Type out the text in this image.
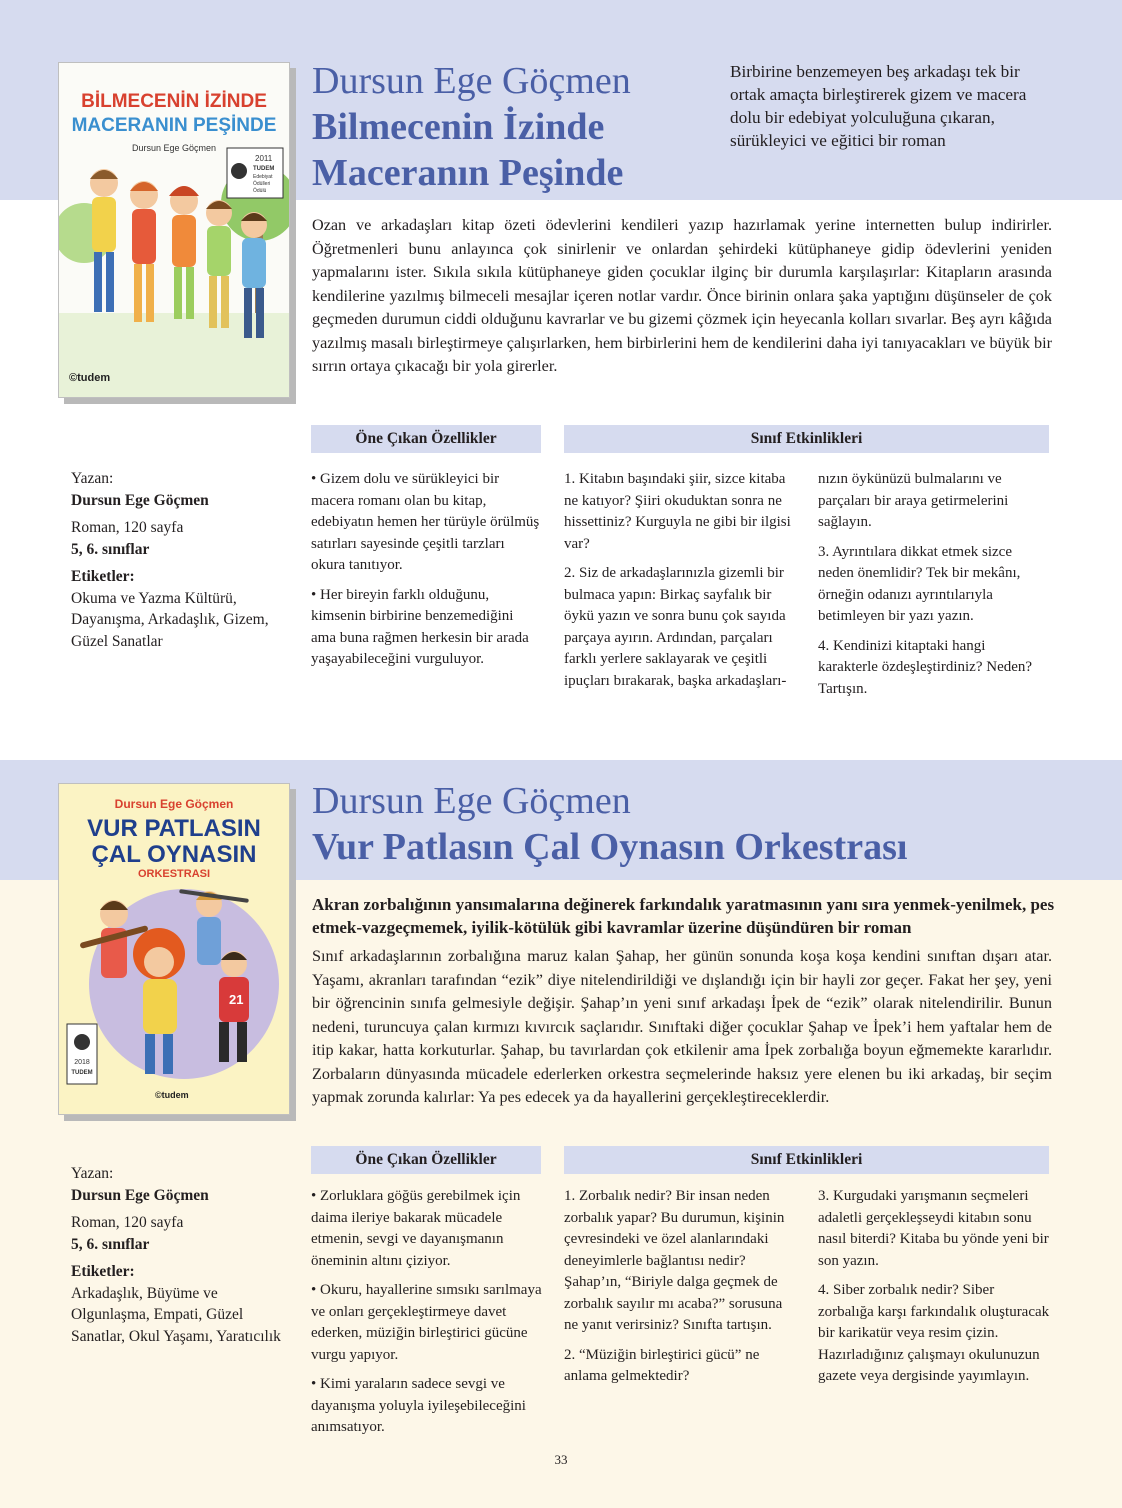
2011
TUDEM
Edebiyat
Ödülleri
Ödülü
BİLMECENİN İZİNDE
MACERANIN PEŞİNDE
Dursun Ege Göçmen
©tudem
Dursun Ege Göçmen
Bilmecenin İzinde
Maceranın Peşinde
Birbirine benzemeyen beş arkadaşı tek bir ortak amaçta birleştirerek gizem ve macera dolu bir edebiyat yolculuğuna çıkaran, sürükleyici ve eğitici bir roman
Ozan ve arkadaşları kitap özeti ödevlerini kendileri yazıp hazırlamak yerine internetten bulup indirirler. Öğretmenleri bunu anlayınca çok sinirlenir ve onlardan şehirdeki kütüphaneye gidip ödevlerini yeniden yapmalarını ister. Sıkıla sıkıla kütüphaneye giden çocuklar ilginç bir durumla karşılaşırlar: Kitapların arasında kendilerine yazılmış bilmeceli mesajlar içeren notlar vardır. Önce birinin onlara şaka yaptığını düşünseler de çok geçmeden durumun ciddi olduğunu kavrarlar ve bu gizemi çözmek için heyecanla kolları sıvarlar. Beş ayrı kâğıda yazılmış masalı birleştirmeye çalışırlarken, hem birbirlerini hem de kendilerini daha iyi tanıyacakları ve büyük bir sırrın ortaya çıkacağı bir yola girerler.
Öne Çıkan Özellikler	Sınıf Etkinlikleri
Yazan:
Dursun Ege Göçmen
Roman, 120 sayfa
5, 6. sınıflar
Etiketler:
Okuma ve Yazma Kültürü, Dayanışma, Arkadaşlık, Gizem, Güzel Sanatlar

• Gizem dolu ve sürükleyici bir macera romanı olan bu kitap, edebiyatın hemen her türüyle örülmüş satırları sayesinde çeşitli tarzları okura tanıtıyor.

• Her bireyin farklı olduğunu, kimsenin birbirine benzemediğini ama buna rağmen herkesin bir arada yaşayabileceğini vurguluyor.

1. Kitabın başındaki şiir, sizce kitaba ne katıyor? Şiiri okuduktan sonra ne hissettiniz? Kurguyla ne gibi bir ilgisi var?

2. Siz de arkadaşlarınızla gizemli bir bulmaca yapın: Birkaç sayfalık bir öykü yazın ve sonra bunu çok sayıda parçaya ayırın. Ardından, parçaları farklı yerlere saklayarak ve çeşitli ipuçları bırakarak, başka arkadaşları-

nızın öykünüzü bulmalarını ve parçaları bir araya getirmelerini sağlayın.

3. Ayrıntılara dikkat etmek sizce neden önemlidir? Tek bir mekânı, örneğin odanızı ayrıntılarıyla betimleyen bir yazı yazın.

4. Kendinizi kitaptaki hangi karakterle özdeşleştirdiniz? Neden? Tartışın.

Dursun Ege Göçmen
VUR PATLASIN
ÇAL OYNASIN
ORKESTRASI
21
2018
TUDEM
©tudem
Dursun Ege Göçmen
Vur Patlasın Çal Oynasın Orkestrası
Akran zorbalığının yansımalarına değinerek farkındalık yaratmasının yanı sıra yenmek-yenilmek, pes etmek-vazgeçmemek, iyilik-kötülük gibi kavramlar üzerine düşündüren bir roman
Sınıf arkadaşlarının zorbalığına maruz kalan Şahap, her günün sonunda koşa koşa kendini sınıftan dışarı atar. Yaşamı, akranları tarafından “ezik” diye nitelendirildiği ve dışlandığı için bir hayli zor geçer. Fakat her şey, yeni bir öğrencinin sınıfa gelmesiyle değişir. Şahap’ın yeni sınıf arkadaşı İpek de “ezik” olarak nitelendirilir. Bunun nedeni, turuncuya çalan kırmızı kıvırcık saçlarıdır. Sınıftaki diğer çocuklar Şahap ve İpek’i hem yaftalar hem de itip kakar, hatta korkuturlar. Şahap, bu tavırlardan çok etkilenir ama İpek zorbalığa boyun eğmemekte kararlıdır. Zorbaların dünyasında mücadele ederlerken orkestra seçmelerinde haksız yere elenen bu iki arkadaş, bir seçim yapmak zorunda kalırlar: Ya pes edecek ya da hayallerini gerçekleştireceklerdir.
Öne Çıkan Özellikler	Sınıf Etkinlikleri
Yazan:
Dursun Ege Göçmen
Roman, 120 sayfa
5, 6. sınıflar
Etiketler:
Arkadaşlık, Büyüme ve Olgunlaşma, Empati, Güzel Sanatlar, Okul Yaşamı, Yaratıcılık

• Zorluklara göğüs gerebilmek için daima ileriye bakarak mücadele etmenin, sevgi ve dayanışmanın öneminin altını çiziyor.

• Okuru, hayallerine sımsıkı sarılmaya ve onları gerçekleştirmeye davet ederken, müziğin birleştirici gücüne vurgu yapıyor.

• Kimi yaraların sadece sevgi ve dayanışma yoluyla iyileşebileceğini anımsatıyor.

1. Zorbalık nedir? Bir insan neden zorbalık yapar? Bu durumun, kişinin çevresindeki ve özel alanlarındaki deneyimlerle bağlantısı nedir? Şahap’ın, “Biriyle dalga geçmek de zorbalık sayılır mı acaba?” sorusuna ne yanıt verirsiniz? Sınıfta tartışın.

2. “Müziğin birleştirici gücü” ne anlama gelmektedir?

3. Kurgudaki yarışmanın seçmeleri adaletli gerçekleşseydi kitabın sonu nasıl biterdi? Kitaba bu yönde yeni bir son yazın.

4. Siber zorbalık nedir? Siber zorbalığa karşı farkındalık oluşturacak bir karikatür veya resim çizin. Hazırladığınız çalışmayı okulunuzun gazete veya dergisinde yayımlayın.

33
